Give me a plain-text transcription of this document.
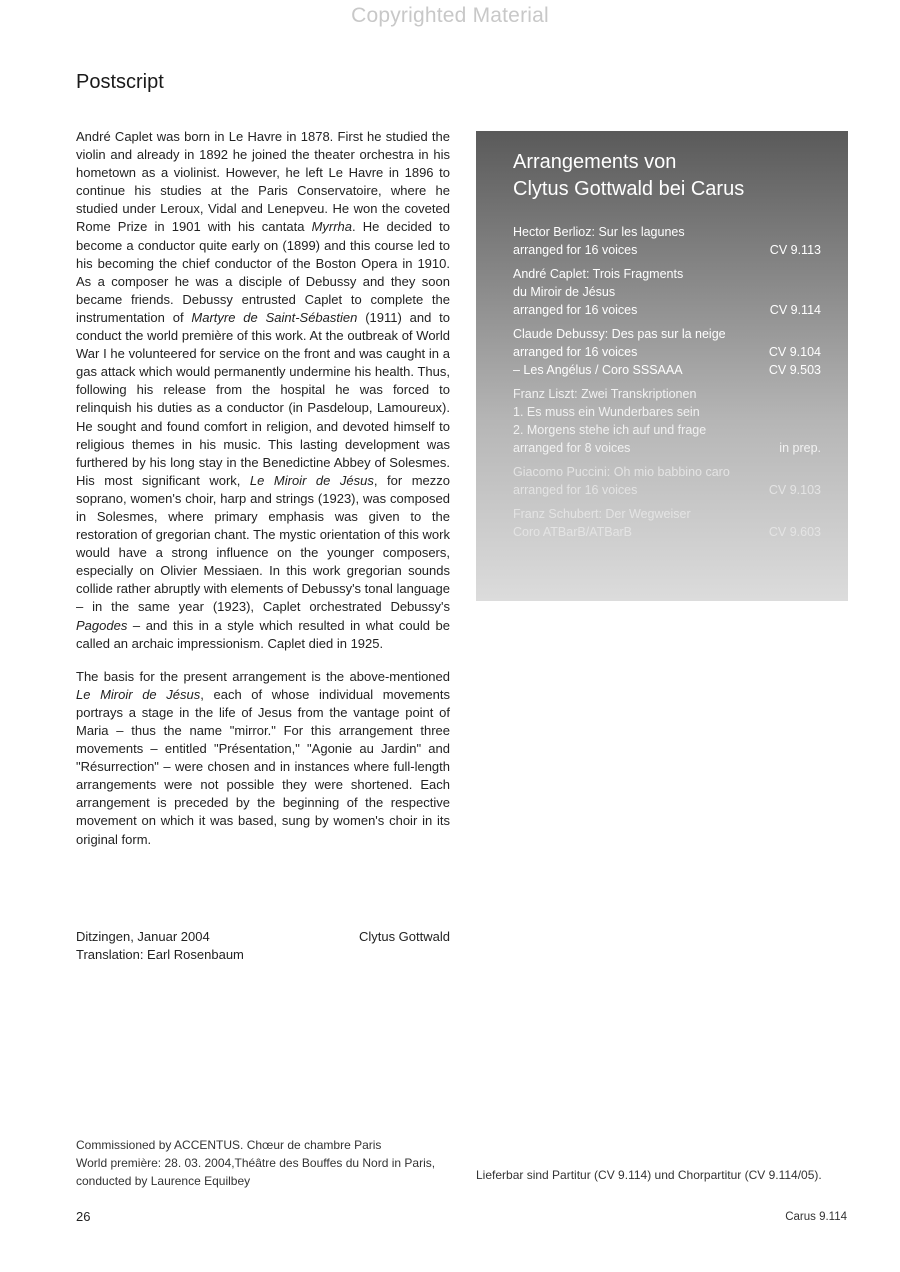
Copyrighted Material
Postscript

André Caplet was born in Le Havre in 1878. First he studied the violin and already in 1892 he joined the theater orchestra in his hometown as a violinist. However, he left Le Havre in 1896 to continue his studies at the Paris Conservatoire, where he studied under Leroux, Vidal and Lenepveu. He won the coveted Rome Prize in 1901 with his cantata Myrrha. He decided to become a conductor quite early on (1899) and this course led to his becoming the chief conductor of the Boston Opera in 1910. As a composer he was a disciple of Debussy and they soon became friends. Debussy entrusted Caplet to complete the instrumentation of Martyre de Saint-Sébastien (1911) and to conduct the world première of this work. At the outbreak of World War I he volunteered for service on the front and was caught in a gas attack which would permanently undermine his health. Thus, following his release from the hospital he was forced to relinquish his duties as a conductor (in Pasdeloup, Lamoureux). He sought and found comfort in religion, and devoted himself to religious themes in his music. This lasting development was furthered by his long stay in the Benedictine Abbey of Solesmes. His most significant work, Le Miroir de Jésus, for mezzo soprano, women's choir, harp and strings (1923), was composed in Solesmes, where primary emphasis was given to the restoration of gregorian chant. The mystic orientation of this work would have a strong influence on the younger composers, especially on Olivier Messiaen. In this work gregorian sounds collide rather abruptly with elements of Debussy's tonal language – in the same year (1923), Caplet orchestrated Debussy's Pagodes – and this in a style which resulted in what could be called an archaic impressionism. Caplet died in 1925.

The basis for the present arrangement is the above-mentioned Le Miroir de Jésus, each of whose individual movements portrays a stage in the life of Jesus from the vantage point of Maria – thus the name "mirror." For this arrangement three movements – entitled "Présentation," "Agonie au Jardin" and "Résurrection" – were chosen and in instances where full-length arrangements were not possible they were shortened. Each arrangement is preceded by the beginning of the respective movement on which it was based, sung by women's choir in its original form.

Ditzingen, Januar 2004	Clytus Gottwald
Translation: Earl Rosenbaum
Arrangements von
Clytus Gottwald bei Carus
Hector Berlioz: Sur les lagunes
arranged for 16 voices	CV 9.113
André Caplet: Trois Fragments
du Miroir de Jésus
arranged for 16 voices	CV 9.114
Claude Debussy: Des pas sur la neige
arranged for 16 voices	CV 9.104
– Les Angélus / Coro SSSAAA	CV 9.503
Franz Liszt: Zwei Transkriptionen
1. Es muss ein Wunderbares sein
2. Morgens stehe ich auf und frage
arranged for 8 voices	in prep.
Giacomo Puccini: Oh mio babbino caro
arranged for 16 voices	CV 9.103
Franz Schubert: Der Wegweiser
Coro ATBarB/ATBarB	CV 9.603
Commissioned by ACCENTUS. Chœur de chambre Paris
World première: 28. 03. 2004,Théâtre des Bouffes du Nord in Paris,
conducted by Laurence Equilbey	Lieferbar sind Partitur (CV 9.114) und Chorpartitur (CV 9.114/05).
26	Carus 9.114
